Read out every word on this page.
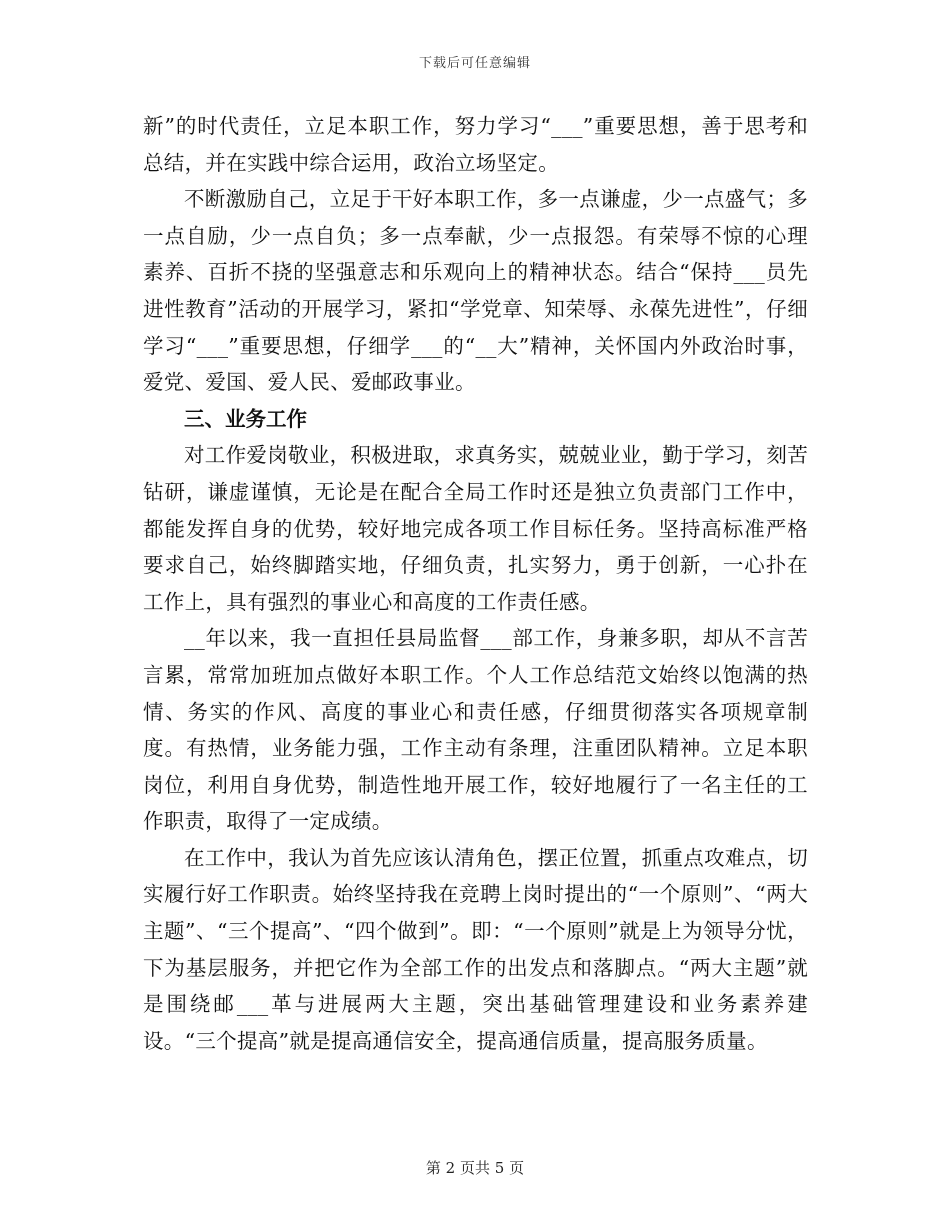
下载后可任意编辑

新”的时代责任，立足本职工作，努力学习“___”重要思想，善于思考和总结，并在实践中综合运用，政治立场坚定。

不断激励自己，立足于干好本职工作，多一点谦虚，少一点盛气；多一点自励，少一点自负；多一点奉献，少一点报怨。有荣辱不惊的心理素养、百折不挠的坚强意志和乐观向上的精神状态。结合“保持___员先进性教育”活动的开展学习，紧扣“学党章、知荣辱、永葆先进性”，仔细学习“___”重要思想，仔细学___的“__大”精神，关怀国内外政治时事，爱党、爱国、爱人民、爱邮政事业。

三、业务工作

对工作爱岗敬业，积极进取，求真务实，兢兢业业，勤于学习，刻苦钻研，谦虚谨慎，无论是在配合全局工作时还是独立负责部门工作中，都能发挥自身的优势，较好地完成各项工作目标任务。坚持高标准严格要求自己，始终脚踏实地，仔细负责，扎实努力，勇于创新，一心扑在工作上，具有强烈的事业心和高度的工作责任感。

__年以来，我一直担任县局监督___部工作，身兼多职，却从不言苦言累，常常加班加点做好本职工作。个人工作总结范文始终以饱满的热情、务实的作风、高度的事业心和责任感，仔细贯彻落实各项规章制度。有热情，业务能力强，工作主动有条理，注重团队精神。立足本职岗位，利用自身优势，制造性地开展工作，较好地履行了一名主任的工作职责，取得了一定成绩。

在工作中，我认为首先应该认清角色，摆正位置，抓重点攻难点，切实履行好工作职责。始终坚持我在竞聘上岗时提出的“一个原则”、“两大主题”、“三个提高”、“四个做到”。即：“一个原则”就是上为领导分忧，下为基层服务，并把它作为全部工作的出发点和落脚点。“两大主题”就是围绕邮___革与进展两大主题，突出基础管理建设和业务素养建设。“三个提高”就是提高通信安全，提高通信质量，提高服务质量。

第 2 页共 5 页
